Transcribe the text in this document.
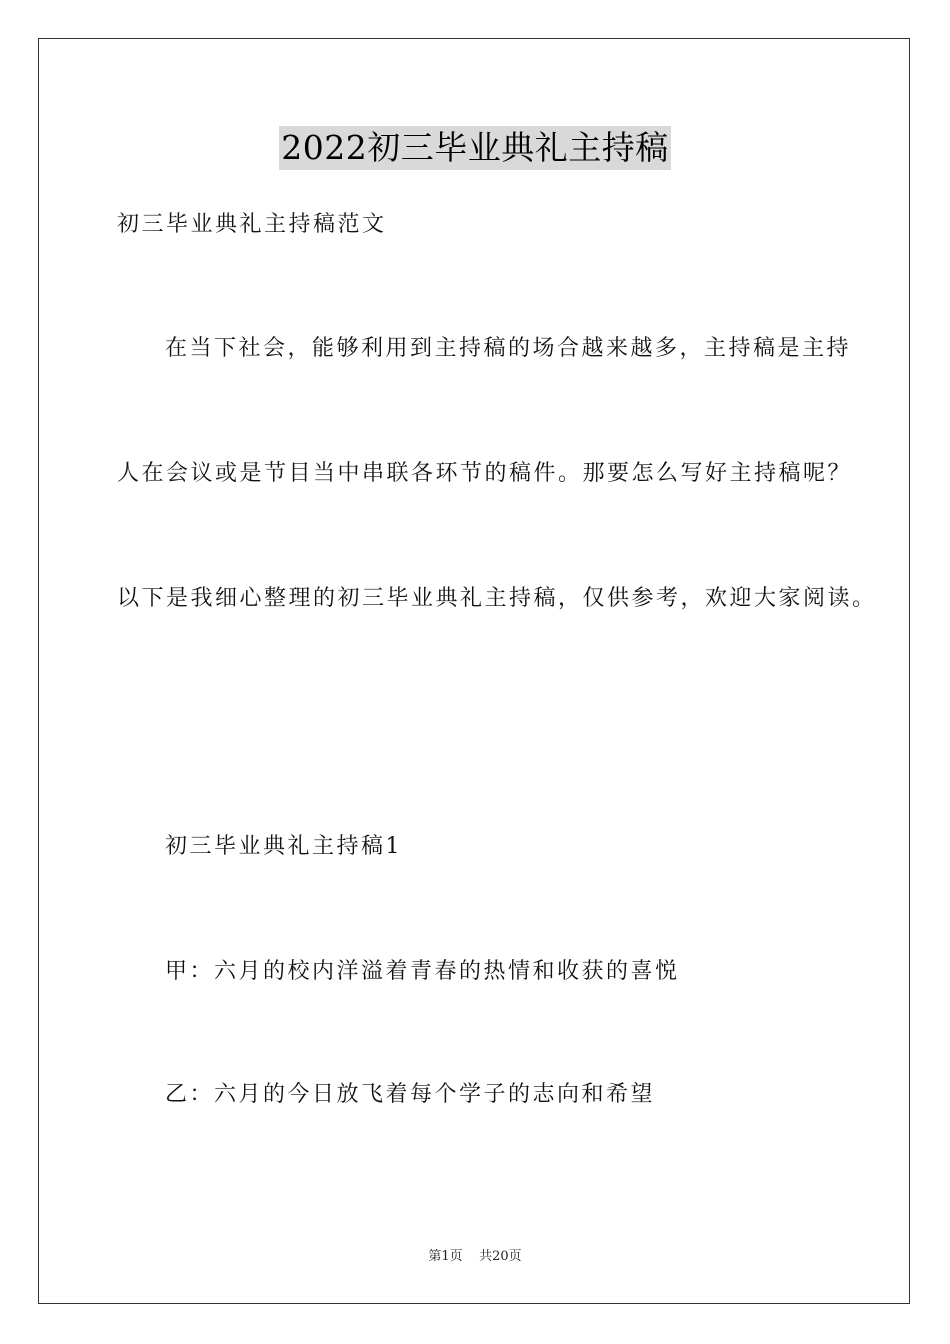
2022初三毕业典礼主持稿
初三毕业典礼主持稿范文
在当下社会，能够利用到主持稿的场合越来越多，主持稿是主持
人在会议或是节目当中串联各环节的稿件。那要怎么写好主持稿呢？
以下是我细心整理的初三毕业典礼主持稿，仅供参考，欢迎大家阅读。
初三毕业典礼主持稿1
甲：六月的校内洋溢着青春的热情和收获的喜悦
乙：六月的今日放飞着每个学子的志向和希望
第1页 共20页
